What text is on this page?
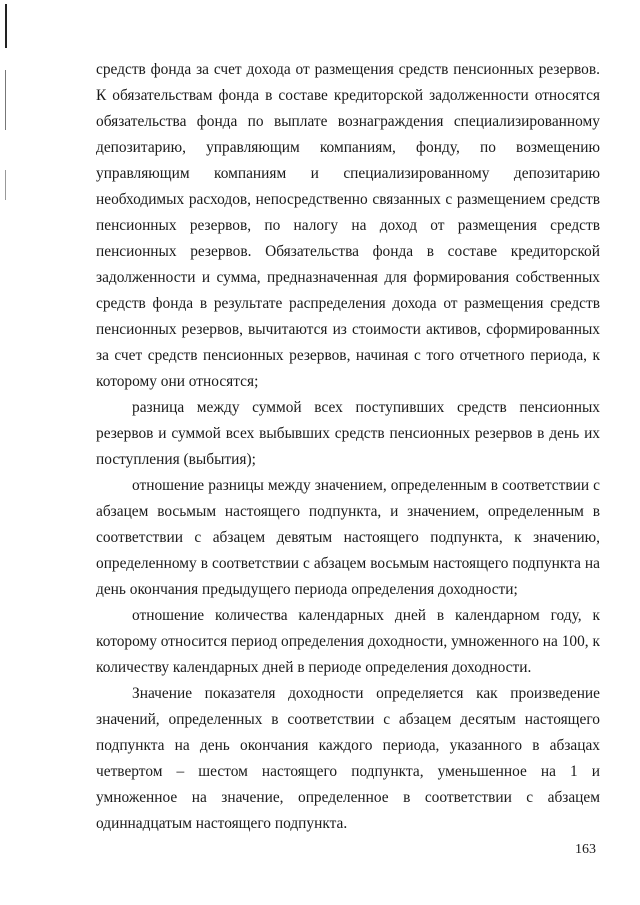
средств фонда за счет дохода от размещения средств пенсионных резервов. К обязательствам фонда в составе кредиторской задолженности относятся обязательства фонда по выплате вознаграждения специализированному депозитарию, управляющим компаниям, фонду, по возмещению управляющим компаниям и специализированному депозитарию необходимых расходов, непосредственно связанных с размещением средств пенсионных резервов, по налогу на доход от размещения средств пенсионных резервов. Обязательства фонда в составе кредиторской задолженности и сумма, предназначенная для формирования собственных средств фонда в результате распределения дохода от размещения средств пенсионных резервов, вычитаются из стоимости активов, сформированных за счет средств пенсионных резервов, начиная с того отчетного периода, к которому они относятся;

разница между суммой всех поступивших средств пенсионных резервов и суммой всех выбывших средств пенсионных резервов в день их поступления (выбытия);

отношение разницы между значением, определенным в соответствии с абзацем восьмым настоящего подпункта, и значением, определенным в соответствии с абзацем девятым настоящего подпункта, к значению, определенному в соответствии с абзацем восьмым настоящего подпункта на день окончания предыдущего периода определения доходности;

отношение количества календарных дней в календарном году, к которому относится период определения доходности, умноженного на 100, к количеству календарных дней в периоде определения доходности.

Значение показателя доходности определяется как произведение значений, определенных в соответствии с абзацем десятым настоящего подпункта на день окончания каждого периода, указанного в абзацах четвертом – шестом настоящего подпункта, уменьшенное на 1 и умноженное на значение, определенное в соответствии с абзацем одиннадцатым настоящего подпункта.

163
